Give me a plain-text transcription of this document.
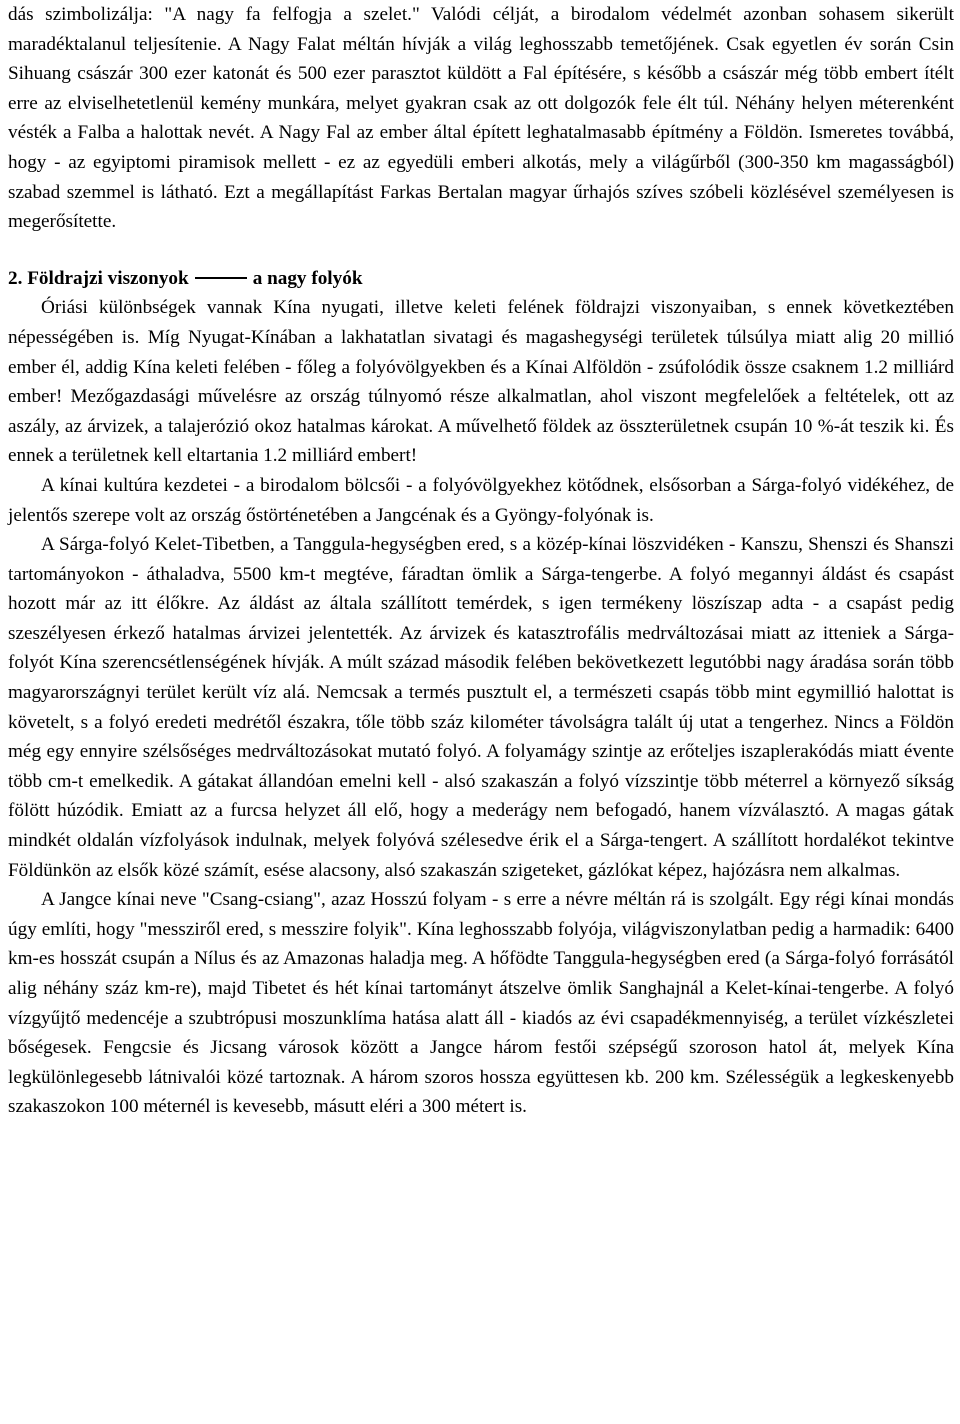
dás szimbolizálja: "A nagy fa felfogja a szelet." Valódi célját, a birodalom védelmét azonban sohasem sikerült maradéktalanul teljesítenie. A Nagy Falat méltán hívják a világ leghosszabb temetőjének. Csak egyetlen év során Csin Sihuang császár 300 ezer katonát és 500 ezer parasztot küldött a Fal építésére, s később a császár még több embert ítélt erre az elviselhetetlenül kemény munkára, melyet gyakran csak az ott dolgozók fele élt túl. Néhány helyen méterenként vésték a Falba a halottak nevét. A Nagy Fal az ember által épített leghatalmasabb építmény a Földön. Ismeretes továbbá, hogy - az egyiptomi piramisok mellett - ez az egyedüli emberi alkotás, mely a világűrből (300-350 km magasságból) szabad szemmel is látható. Ezt a megállapítást Farkas Bertalan magyar űrhajós szíves szóbeli közlésével személyesen is megerősítette.

2. Földrajzi viszonyok	a nagy folyók

Óriási különbségek vannak Kína nyugati, illetve keleti felének földrajzi viszonyaiban, s ennek következtében népességében is. Míg Nyugat-Kínában a lakhatatlan sivatagi és magashegységi területek túlsúlya miatt alig 20 millió ember él, addig Kína keleti felében - főleg a folyóvölgyekben és a Kínai Alföldön - zsúfolódik össze csaknem 1.2 milliárd ember! Mezőgazdasági művelésre az ország túlnyomó része alkalmatlan, ahol viszont megfelelőek a feltételek, ott az aszály, az árvizek, a talajerózió okoz hatalmas károkat. A művelhető földek az összterületnek csupán 10 %-át teszik ki. És ennek a területnek kell eltartania 1.2 milliárd embert!

A kínai kultúra kezdetei - a birodalom bölcsői - a folyóvölgyekhez kötődnek, elsősorban a Sárga-folyó vidékéhez, de jelentős szerepe volt az ország őstörténetében a Jangcénak és a Gyöngy-folyónak is.

A Sárga-folyó Kelet-Tibetben, a Tanggula-hegységben ered, s a közép-kínai löszvidéken - Kanszu, Shenszi és Shanszi tartományokon - áthaladva, 5500 km-t megtéve, fáradtan ömlik a Sárga-tengerbe. A folyó megannyi áldást és csapást hozott már az itt élőkre. Az áldást az általa szállított temérdek, s igen termékeny löszíszap adta - a csapást pedig szeszélyesen érkező hatalmas árvizei jelentették. Az árvizek és katasztrofális medrváltozásai miatt az itteniek a Sárga-folyót Kína szerencsétlenségének hívják. A múlt század második felében bekövetkezett legutóbbi nagy áradása során több magyarországnyi terület került víz alá. Nemcsak a termés pusztult el, a természeti csapás több mint egymillió halottat is követelt, s a folyó eredeti medrétől északra, tőle több száz kilométer távolságra talált új utat a tengerhez. Nincs a Földön még egy ennyire szélsőséges medrváltozásokat mutató folyó. A folyamágy szintje az erőteljes iszaplerakódás miatt évente több cm-t emelkedik. A gátakat állandóan emelni kell - alsó szakaszán a folyó vízszintje több méterrel a környező síkság fölött húzódik. Emiatt az a furcsa helyzet áll elő, hogy a mederágy nem befogadó, hanem vízválasztó. A magas gátak mindkét oldalán vízfolyások indulnak, melyek folyóvá szélesedve érik el a Sárga-tengert. A szállított hordalékot tekintve Földünkön az elsők közé számít, esése alacsony, alsó szakaszán szigeteket, gázlókat képez, hajózásra nem alkalmas.

A Jangce kínai neve "Csang-csiang", azaz Hosszú folyam - s erre a névre méltán rá is szolgált. Egy régi kínai mondás úgy említi, hogy "messziről ered, s messzire folyik". Kína leghosszabb folyója, világviszonylatban pedig a harmadik: 6400 km-es hosszát csupán a Nílus és az Amazonas haladja meg. A hőfödte Tanggula-hegységben ered (a Sárga-folyó forrásától alig néhány száz km-re), majd Tibetet és hét kínai tartományt átszelve ömlik Sanghajnál a Kelet-kínai-tengerbe. A folyó vízgyűjtő medencéje a szubtrópusi moszunklíma hatása alatt áll - kiadós az évi csapadékmennyiség, a terület vízkészletei bőségesek. Fengcsie és Jicsang városok között a Jangce három festői szépségű szoroson hatol át, melyek Kína legkülönlegesebb látnivalói közé tartoznak. A három szoros hossza együttesen kb. 200 km. Szélességük a legkeskenyebb szakaszokon 100 méternél is kevesebb, másutt eléri a 300 métert is.
